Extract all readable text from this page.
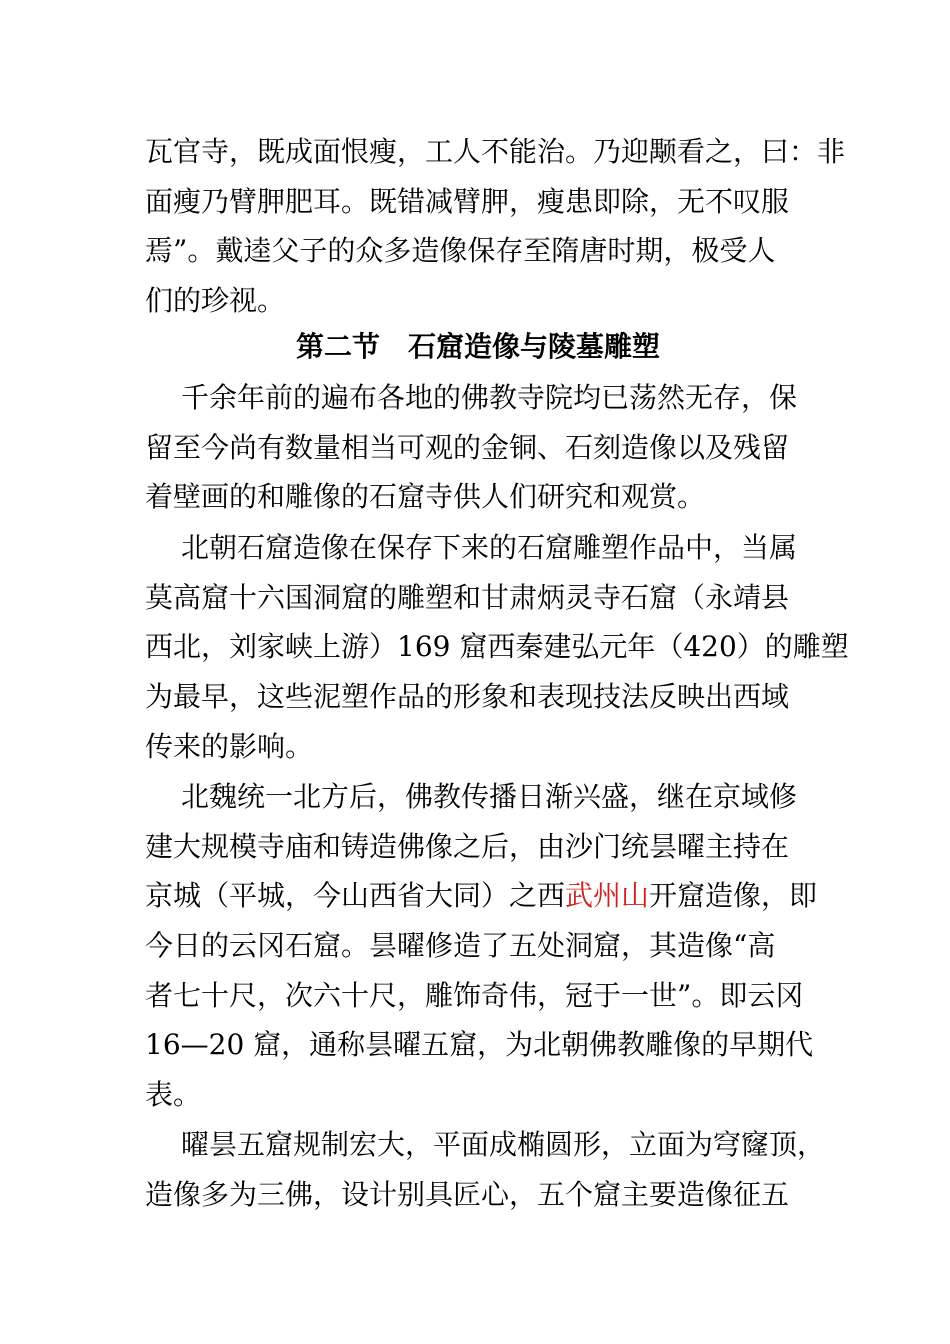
瓦官寺，既成面恨瘦，工人不能治。乃迎颙看之，曰：非
面瘦乃臂胛肥耳。既错减臂胛，瘦患即除，无不叹服
焉”。戴逵父子的众多造像保存至隋唐时期，极受人
们的珍视。
第二节　石窟造像与陵墓雕塑
千余年前的遍布各地的佛教寺院均已荡然无存，保
留至今尚有数量相当可观的金铜、石刻造像以及残留
着壁画的和雕像的石窟寺供人们研究和观赏。
北朝石窟造像在保存下来的石窟雕塑作品中，当属
莫高窟十六国洞窟的雕塑和甘肃炳灵寺石窟（永靖县
西北，刘家峡上游）169 窟西秦建弘元年（420）的雕塑
为最早，这些泥塑作品的形象和表现技法反映出西域
传来的影响。
北魏统一北方后，佛教传播日渐兴盛，继在京域修
建大规模寺庙和铸造佛像之后，由沙门统昙曜主持在
京城（平城，今山西省大同）之西武州山开窟造像，即
今日的云冈石窟。昙曜修造了五处洞窟，其造像“高
者七十尺，次六十尺，雕饰奇伟，冠于一世”。即云冈
16—20 窟，通称昙曜五窟，为北朝佛教雕像的早期代
表。
曜昙五窟规制宏大，平面成椭圆形，立面为穹窿顶，
造像多为三佛，设计别具匠心，五个窟主要造像征五
